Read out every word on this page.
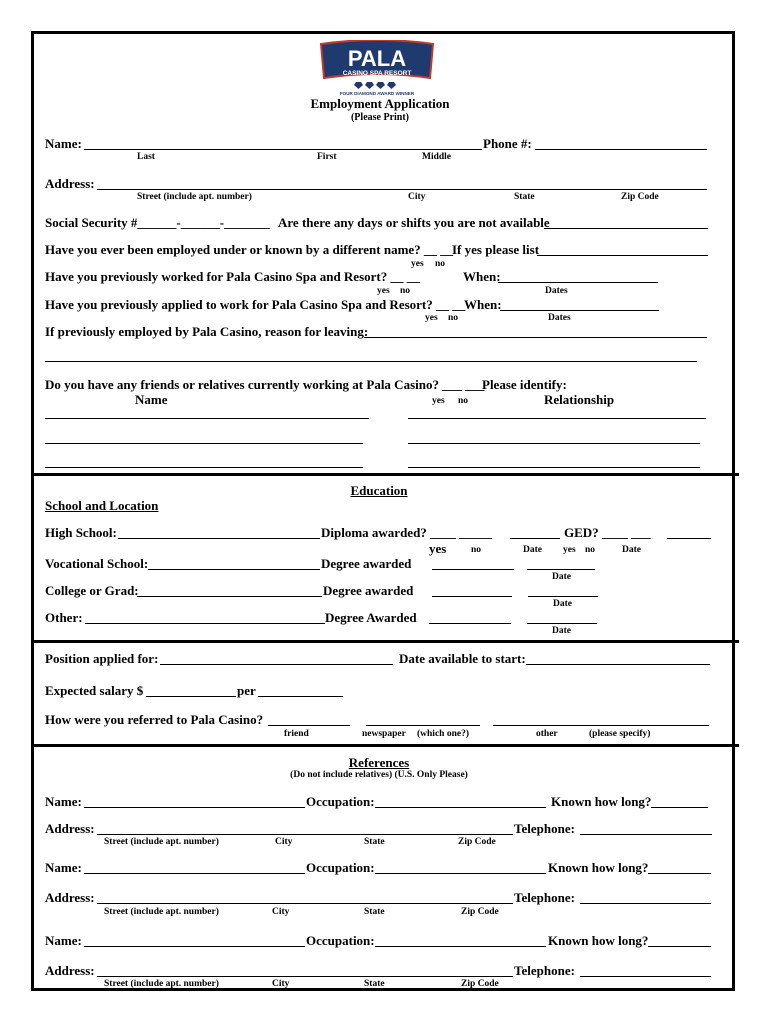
PALA
CASINO SPA RESORT
FOUR DIAMOND AWARD WINNER
Employment Application
(Please Print)
Name:	Phone #:
Last	First	Middle
Address:
Street (include apt. number)	City	State	Zip Code
Social Security #______-______-_______ Are there any days or shifts you are not available
Have you ever been employed under or known by a different name? __ __
If yes please list
yes no
Have you previously worked for Pala Casino Spa and Resort? __ __	When:
yes no	Dates
Have you previously applied to work for Pala Casino Spa and Resort? __ __
When:
yes no	Dates
If previously employed by Pala Casino, reason for leaving:
Do you have any friends or relatives currently working at Pala Casino? ___ ___
Please identify:
Name	yes no	Relationship
Education
School and Location
High School:	Diploma awarded? ____ _____	GED? ____ ___
yes	no	Date yes no	Date
Vocational School:	Degree awarded
Date
College or Grad:	Degree awarded
Date
Other:	Degree Awarded
Date
Position applied for:	Date available to start:
Expected salary $	per
How were you referred to Pala Casino?
friend	newspaper (which one?)	other	(please specify)
References
(Do not include relatives) (U.S. Only Please)
Name:	Occupation:	Known how long?
Address:	Telephone:
Street (include apt. number)	City	State	Zip Code
Name:	Occupation:	Known how long?
Address:	Telephone:
Street (include apt. number)	City	State	Zip Code
Name:	Occupation:	Known how long?
Address:	Telephone:
Street (include apt. number)	City	State	Zip Code
